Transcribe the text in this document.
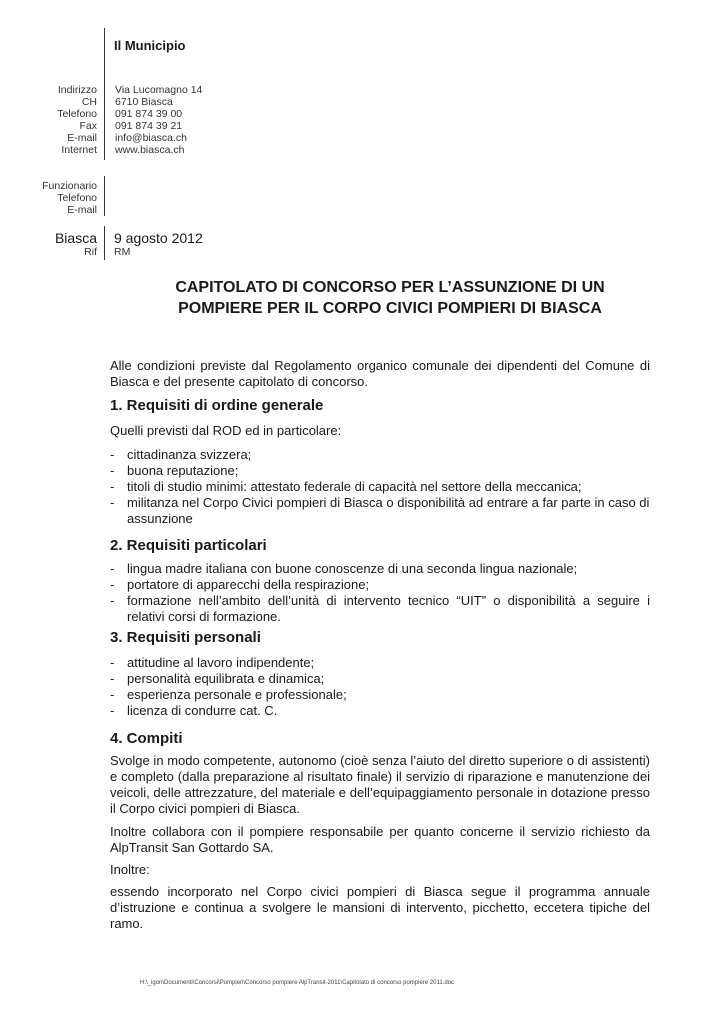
Il Municipio
Indirizzo
CH
Telefono
Fax
E-mail
Internet
Via Lucomagno 14
6710 Biasca
091 874 39 00
091 874 39 21
info@biasca.ch
www.biasca.ch
Funzionario
Telefono
E-mail
Biasca
Rif
9 agosto 2012
RM
CAPITOLATO DI CONCORSO PER L’ASSUNZIONE DI UN
POMPIERE PER IL CORPO CIVICI POMPIERI DI BIASCA
Alle condizioni previste dal Regolamento organico comunale dei dipendenti del Comune di Biasca e del presente capitolato di concorso.
1. Requisiti di ordine generale
Quelli previsti dal ROD ed in particolare:
- cittadinanza svizzera;
- buona reputazione;
- titoli di studio minimi: attestato federale di capacità nel settore della meccanica;
- militanza nel Corpo Civici pompieri di Biasca o disponibilità ad entrare a far parte in caso di assunzione
2. Requisiti particolari
- lingua madre italiana con buone conoscenze di una seconda lingua nazionale;
- portatore di apparecchi della respirazione;
- formazione nell’ambito dell’unità di intervento tecnico “UIT” o disponibilità a seguire i relativi corsi di formazione.
3. Requisiti personali
- attitudine al lavoro indipendente;
- personalità equilibrata e dinamica;
- esperienza personale e professionale;
- licenza di condurre cat. C.
4. Compiti
Svolge in modo competente, autonomo (cioè senza l’aiuto del diretto superiore o di assistenti) e completo (dalla preparazione al risultato finale) il servizio di riparazione e manutenzione dei veicoli, delle attrezzature, del materiale e dell’equipaggiamento personale in dotazione presso il Corpo civici pompieri di Biasca.
Inoltre collabora con il pompiere responsabile per quanto concerne il servizio richiesto da AlpTransit San Gottardo SA.
Inoltre:
essendo incorporato nel Corpo civici pompieri di Biasca segue il programma annuale d’istruzione e continua a svolgere le mansioni di intervento, picchetto, eccetera tipiche del ramo.
H:\_igon\Documenti\Concorsi\Pompieri\Concorso pompiere AlpTransit-2011\Capitolato di concorso pompiere 2011.doc
